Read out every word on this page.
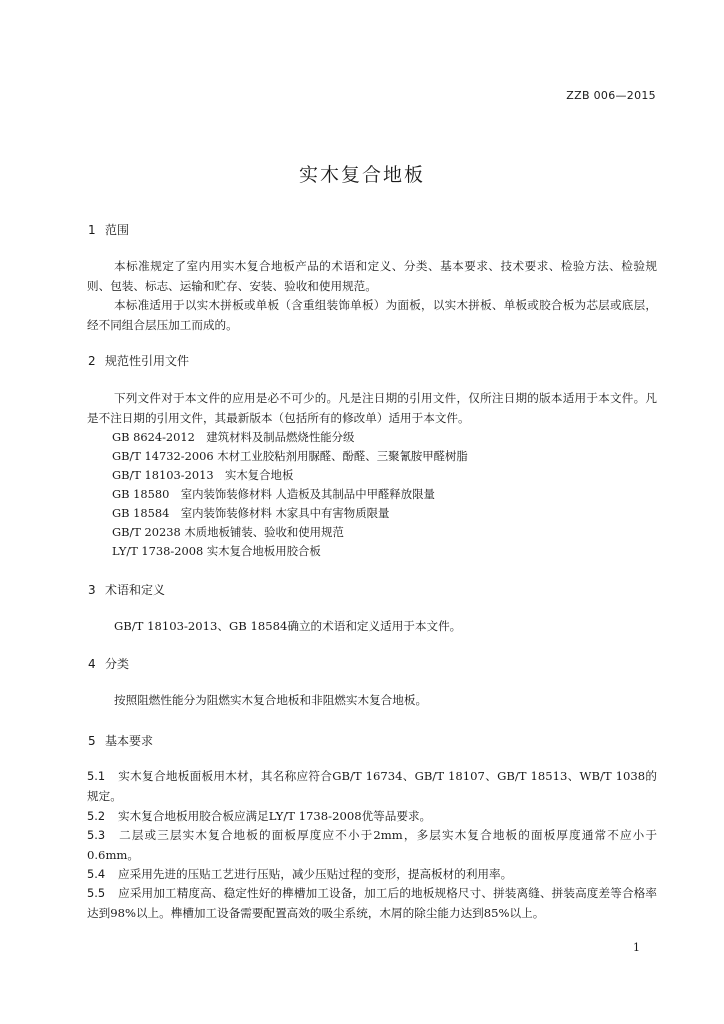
ZZB 006—2015
实木复合地板
1 范围
本标准规定了室内用实木复合地板产品的术语和定义、分类、基本要求、技术要求、检验方法、检验规则、包装、标志、运输和贮存、安装、验收和使用规范。
本标准适用于以实木拼板或单板（含重组装饰单板）为面板，以实木拼板、单板或胶合板为芯层或底层，经不同组合层压加工而成的。
2 规范性引用文件
下列文件对于本文件的应用是必不可少的。凡是注日期的引用文件，仅所注日期的版本适用于本文件。凡是不注日期的引用文件，其最新版本（包括所有的修改单）适用于本文件。
GB 8624-2012　建筑材料及制品燃烧性能分级
GB/T 14732-2006 木材工业胶粘剂用脲醛、酚醛、三聚氰胺甲醛树脂
GB/T 18103-2013　实木复合地板
GB 18580　室内装饰装修材料 人造板及其制品中甲醛释放限量
GB 18584　室内装饰装修材料 木家具中有害物质限量
GB/T 20238 木质地板铺装、验收和使用规范
LY/T 1738-2008 实木复合地板用胶合板
3 术语和定义
GB/T 18103-2013、GB 18584确立的术语和定义适用于本文件。
4 分类
按照阻燃性能分为阻燃实木复合地板和非阻燃实木复合地板。
5 基本要求
5.1 实木复合地板面板用木材，其名称应符合GB/T 16734、GB/T 18107、GB/T 18513、WB/T 1038的规定。
5.2 实木复合地板用胶合板应满足LY/T 1738-2008优等品要求。
5.3 二层或三层实木复合地板的面板厚度应不小于2mm，多层实木复合地板的面板厚度通常不应小于0.6mm。
5.4 应采用先进的压贴工艺进行压贴，减少压贴过程的变形，提高板材的利用率。
5.5 应采用加工精度高、稳定性好的榫槽加工设备，加工后的地板规格尺寸、拼装离缝、拼装高度差等合格率达到98%以上。榫槽加工设备需要配置高效的吸尘系统，木屑的除尘能力达到85%以上。
1
